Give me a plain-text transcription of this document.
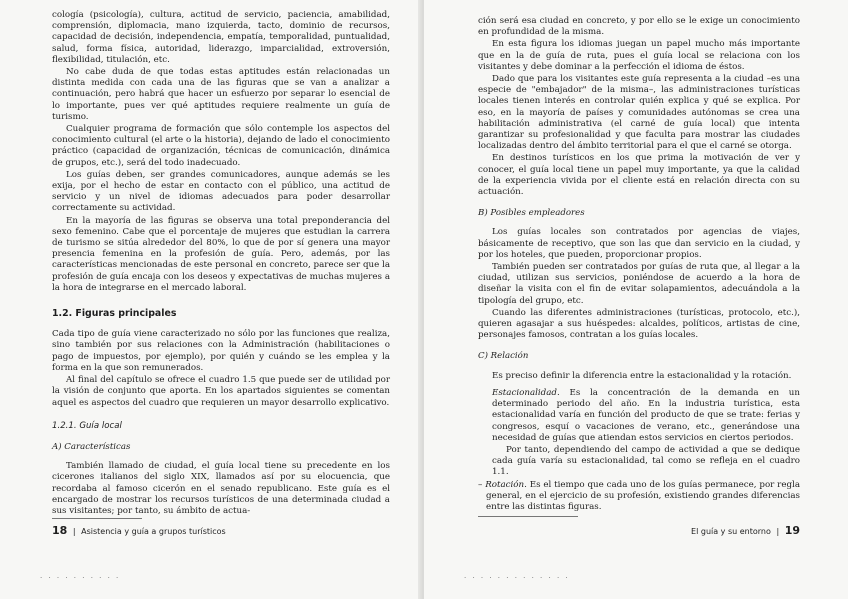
cología (psicología), cultura, actitud de servicio, paciencia, amabilidad, comprensión, diplomacia, mano izquierda, tacto, dominio de recursos, capacidad de decisión, independencia, empatía, temporalidad, puntualidad, salud, forma física, autoridad, liderazgo, imparcialidad, extroversión, flexibilidad, titulación, etc.

No cabe duda de que todas estas aptitudes están relacionadas un distinta medida con cada una de las figuras que se van a analizar a continuación, pero habrá que hacer un esfuerzo por separar lo esencial de lo importante, pues ver qué aptitudes requiere realmente un guía de turismo.

Cualquier programa de formación que sólo contemple los aspectos del conocimiento cultural (el arte o la historia), dejando de lado el conocimiento práctico (capacidad de organización, técnicas de comunicación, dinámica de grupos, etc.), será del todo inadecuado.

Los guías deben, ser grandes comunicadores, aunque además se les exija, por el hecho de estar en contacto con el público, una actitud de servicio y un nivel de idiomas adecuados para poder desarrollar correctamente su actividad.

En la mayoría de las figuras se observa una total preponderancia del sexo femenino. Cabe que el porcentaje de mujeres que estudian la carrera de turismo se sitúa alrededor del 80%, lo que de por sí genera una mayor presencia femenina en la profesión de guía. Pero, además, por las características mencionadas de este personal en concreto, parece ser que la profesión de guía encaja con los deseos y expectativas de muchas mujeres a la hora de integrarse en el mercado laboral.

1.2. Figuras principales

Cada tipo de guía viene caracterizado no sólo por las funciones que realiza, sino también por sus relaciones con la Administración (habilitaciones o pago de impuestos, por ejemplo), por quién y cuándo se les emplea y la forma en la que son remunerados.

Al final del capítulo se ofrece el cuadro 1.5 que puede ser de utilidad por la visión de conjunto que aporta. En los apartados siguientes se comentan aquel es aspectos del cuadro que requieren un mayor desarrollo explicativo.

1.2.1. Guía local
A) Características

También llamado de ciudad, el guía local tiene su precedente en los cicerones italianos del siglo XIX, llamados así por su elocuencia, que recordaba al famoso cicerón en el senado republicano. Este guía es el encargado de mostrar los recursos turísticos de una determinada ciudad a sus visitantes; por tanto, su ámbito de actua-

18 | Asistencia y guía a grupos turísticos
. . . . . . . . . .

ción será esa ciudad en concreto, y por ello se le exige un conocimiento en profundidad de la misma.

En esta figura los idiomas juegan un papel mucho más importante que en la de guía de ruta, pues el guía local se relaciona con los visitantes y debe dominar a la perfección el idioma de éstos.

Dado que para los visitantes este guía representa a la ciudad –es una especie de "embajador" de la misma–, las administraciones turísticas locales tienen interés en controlar quién explica y qué se explica. Por eso, en la mayoría de países y comunidades autónomas se crea una habilitación administrativa (el carné de guía local) que intenta garantizar su profesionalidad y que faculta para mostrar las ciudades localizadas dentro del ámbito territorial para el que el carné se otorga.

En destinos turísticos en los que prima la motivación de ver y conocer, el guía local tiene un papel muy importante, ya que la calidad de la experiencia vivida por el cliente está en relación directa con su actuación.

B) Posibles empleadores

Los guías locales son contratados por agencias de viajes, básicamente de receptivo, que son las que dan servicio en la ciudad, y por los hoteles, que pueden, proporcionar propios.

También pueden ser contratados por guías de ruta que, al llegar a la ciudad, utilizan sus servicios, poniéndose de acuerdo a la hora de diseñar la visita con el fin de evitar solapamientos, adecuándola a la tipología del grupo, etc.

Cuando las diferentes administraciones (turísticas, protocolo, etc.), quieren agasajar a sus huéspedes: alcaldes, políticos, artistas de cine, personajes famosos, contratan a los guías locales.

C) Relación

Es preciso definir la diferencia entre la estacionalidad y la rotación.

Estacionalidad. Es la concentración de la demanda en un determinado periodo del año. En la industria turística, esta estacionalidad varía en función del producto de que se trate: ferias y congresos, esquí o vacaciones de verano, etc., generándose una necesidad de guías que atiendan estos servicios en ciertos periodos.

Por tanto, dependiendo del campo de actividad a que se dedique cada guía varía su estacionalidad, tal como se refleja en el cuadro 1.1.

– Rotación. Es el tiempo que cada uno de los guías permanece, por regla general, en el ejercicio de su profesión, existiendo grandes diferencias entre las distintas figuras.

El guía y su entorno | 19
. . . . . . . . . . . . .
